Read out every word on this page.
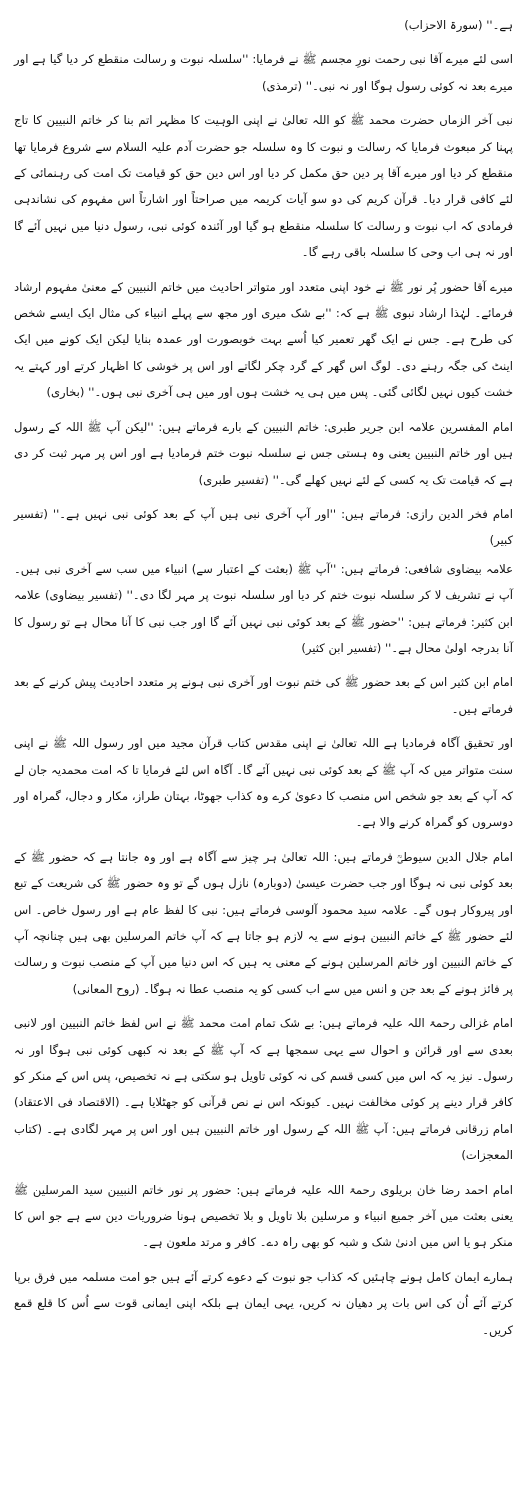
ہے۔'' (سورۃ الاحزاب)

اسی لئے میرے آقا نبی رحمت نورِ مجسم ﷺ نے فرمایا: ''سلسلہ نبوت و رسالت منقطع کر دیا گیا ہے اور میرے بعد نہ کوئی رسول ہوگا اور نہ نبی۔'' (ترمذی)

نبی آخر الزماں حضرت محمد ﷺ کو اللہ تعالیٰ نے اپنی الوہیت کا مظہر اتم بنا کر خاتم النبیین کا تاج پہنا کر مبعوث فرمایا کہ رسالت و نبوت کا وہ سلسلہ جو حضرت آدم علیہ السلام سے شروع فرمایا تھا منقطع کر دیا اور میرے آقا پر دین حق مکمل کر دیا اور اس دین حق کو قیامت تک امت کی رہنمائی کے لئے کافی قرار دیا۔ قرآن کریم کی دو سو آیات کریمہ میں صراحتاً اور اشارتاً اس مفہوم کی نشاندہی فرمادی کہ اب نبوت و رسالت کا سلسلہ منقطع ہو گیا اور آئندہ کوئی نبی، رسول دنیا میں نہیں آئے گا اور نہ ہی اب وحی کا سلسلہ باقی رہے گا۔

میرے آقا حضور پُر نور ﷺ نے خود اپنی متعدد اور متواتر احادیث میں خاتم النبیین کے معنیٰ مفہوم ارشاد فرمائے۔ لہٰذا ارشاد نبوی ﷺ ہے کہ: ''بے شک میری اور مجھ سے پہلے انبیاء کی مثال ایک ایسے شخص کی طرح ہے۔ جس نے ایک گھر تعمیر کیا اُسے بہت خوبصورت اور عمدہ بنایا لیکن ایک کونے میں ایک اینٹ کی جگہ رہنے دی۔ لوگ اس گھر کے گرد چکر لگاتے اور اس پر خوشی کا اظہار کرتے اور کہتے یہ خشت کیوں نہیں لگائی گئی۔ پس میں ہی یہ خشت ہوں اور میں ہی آخری نبی ہوں۔'' (بخاری)

امام المفسرین علامہ ابن جریر طبری: خاتم النبیین کے بارے فرماتے ہیں: ''لیکن آپ ﷺ اللہ کے رسول ہیں اور خاتم النبیین یعنی وہ ہستی جس نے سلسلہ نبوت ختم فرمادیا ہے اور اس پر مہر ثبت کر دی ہے کہ قیامت تک یہ کسی کے لئے نہیں کھلے گی۔'' (تفسیر طبری)

امام فخر الدین رازی: فرماتے ہیں: ''اور آپ آخری نبی ہیں آپ کے بعد کوئی نبی نہیں ہے۔'' (تفسیر کبیر)

علامہ بیضاوی شافعی: فرماتے ہیں: ''آپ ﷺ (بعثت کے اعتبار سے) انبیاء میں سب سے آخری نبی ہیں۔ آپ نے تشریف لا کر سلسلہ نبوت ختم کر دیا اور سلسلہ نبوت پر مہر لگا دی۔'' (تفسیر بیضاوی) علامہ ابن کثیر: فرماتے ہیں: ''حضور ﷺ کے بعد کوئی نبی نہیں آئے گا اور جب نبی کا آنا محال ہے تو رسول کا آنا بدرجہ اولیٰ محال ہے۔'' (تفسیر ابن کثیر)

امام ابن کثیر اس کے بعد حضور ﷺ کی ختم نبوت اور آخری نبی ہونے پر متعدد احادیث پیش کرنے کے بعد فرماتے ہیں۔

اور تحقیق آگاہ فرمادیا ہے اللہ تعالیٰ نے اپنی مقدس کتاب قرآن مجید میں اور رسول اللہ ﷺ نے اپنی سنت متواتر میں کہ آپ ﷺ کے بعد کوئی نبی نہیں آئے گا۔ آگاہ اس لئے فرمایا تا کہ امت محمدیہ جان لے کہ آپ کے بعد جو شخص اس منصب کا دعویٰ کرے وہ کذاب جھوٹا، بہتان طراز، مکار و دجال، گمراہ اور دوسروں کو گمراہ کرنے والا ہے۔

امام جلال الدین سیوطیؒ فرماتے ہیں: اللہ تعالیٰ ہر چیز سے آگاہ ہے اور وہ جانتا ہے کہ حضور ﷺ کے بعد کوئی نبی نہ ہوگا اور جب حضرت عیسیٰ (دوبارہ) نازل ہوں گے تو وہ حضور ﷺ کی شریعت کے تبع اور پیروکار ہوں گے۔ علامہ سید محمود آلوسی فرماتے ہیں: نبی کا لفظ عام ہے اور رسول خاص۔ اس لئے حضور ﷺ کے خاتم النبیین ہونے سے یہ لازم ہو جاتا ہے کہ آپ خاتم المرسلین بھی ہیں چنانچہ آپ کے خاتم النبیین اور خاتم المرسلین ہونے کے معنی یہ ہیں کہ اس دنیا میں آپ کے منصب نبوت و رسالت پر فائز ہونے کے بعد جن و انس میں سے اب کسی کو یہ منصب عطا نہ ہوگا۔ (روح المعانی)

امام غزالی رحمۃ اللہ علیہ فرماتے ہیں: بے شک تمام امت محمد ﷺ نے اس لفظ خاتم النبیین اور لانبی بعدی سے اور قرائن و احوال سے یہی سمجھا ہے کہ آپ ﷺ کے بعد نہ کبھی کوئی نبی ہوگا اور نہ رسول۔ نیز یہ کہ اس میں کسی قسم کی نہ کوئی تاویل ہو سکتی ہے نہ تخصیص، پس اس کے منکر کو کافر قرار دینے پر کوئی مخالفت نہیں۔ کیونکہ اس نے نص قرآنی کو جھٹلایا ہے۔ (الاقتصاد فی الاعتقاد) امام زرقانی فرماتے ہیں: آپ ﷺ اللہ کے رسول اور خاتم النبیین ہیں اور اس پر مہر لگادی ہے۔ (کتاب المعجزات)

امام احمد رضا خان بریلوی رحمۃ اللہ علیہ فرماتے ہیں: حضور پر نور خاتم النبیین سید المرسلین ﷺ یعنی بعثت میں آخر جمیع انبیاء و مرسلین بلا تاویل و بلا تخصیص ہونا ضروریات دین سے ہے جو اس کا منکر ہو یا اس میں ادنیٰ شک و شبہ کو بھی راہ دے۔ کافر و مرتد ملعون ہے۔

ہمارے ایمان کامل ہونے چاہئیں کہ کذاب جو نبوت کے دعوے کرتے آئے ہیں جو امت مسلمہ میں فرق برپا کرتے آئے اُن کی اس بات پر دھیان نہ کریں، یہی ایمان ہے بلکہ اپنی ایمانی قوت سے اُس کا قلع قمع کریں۔
